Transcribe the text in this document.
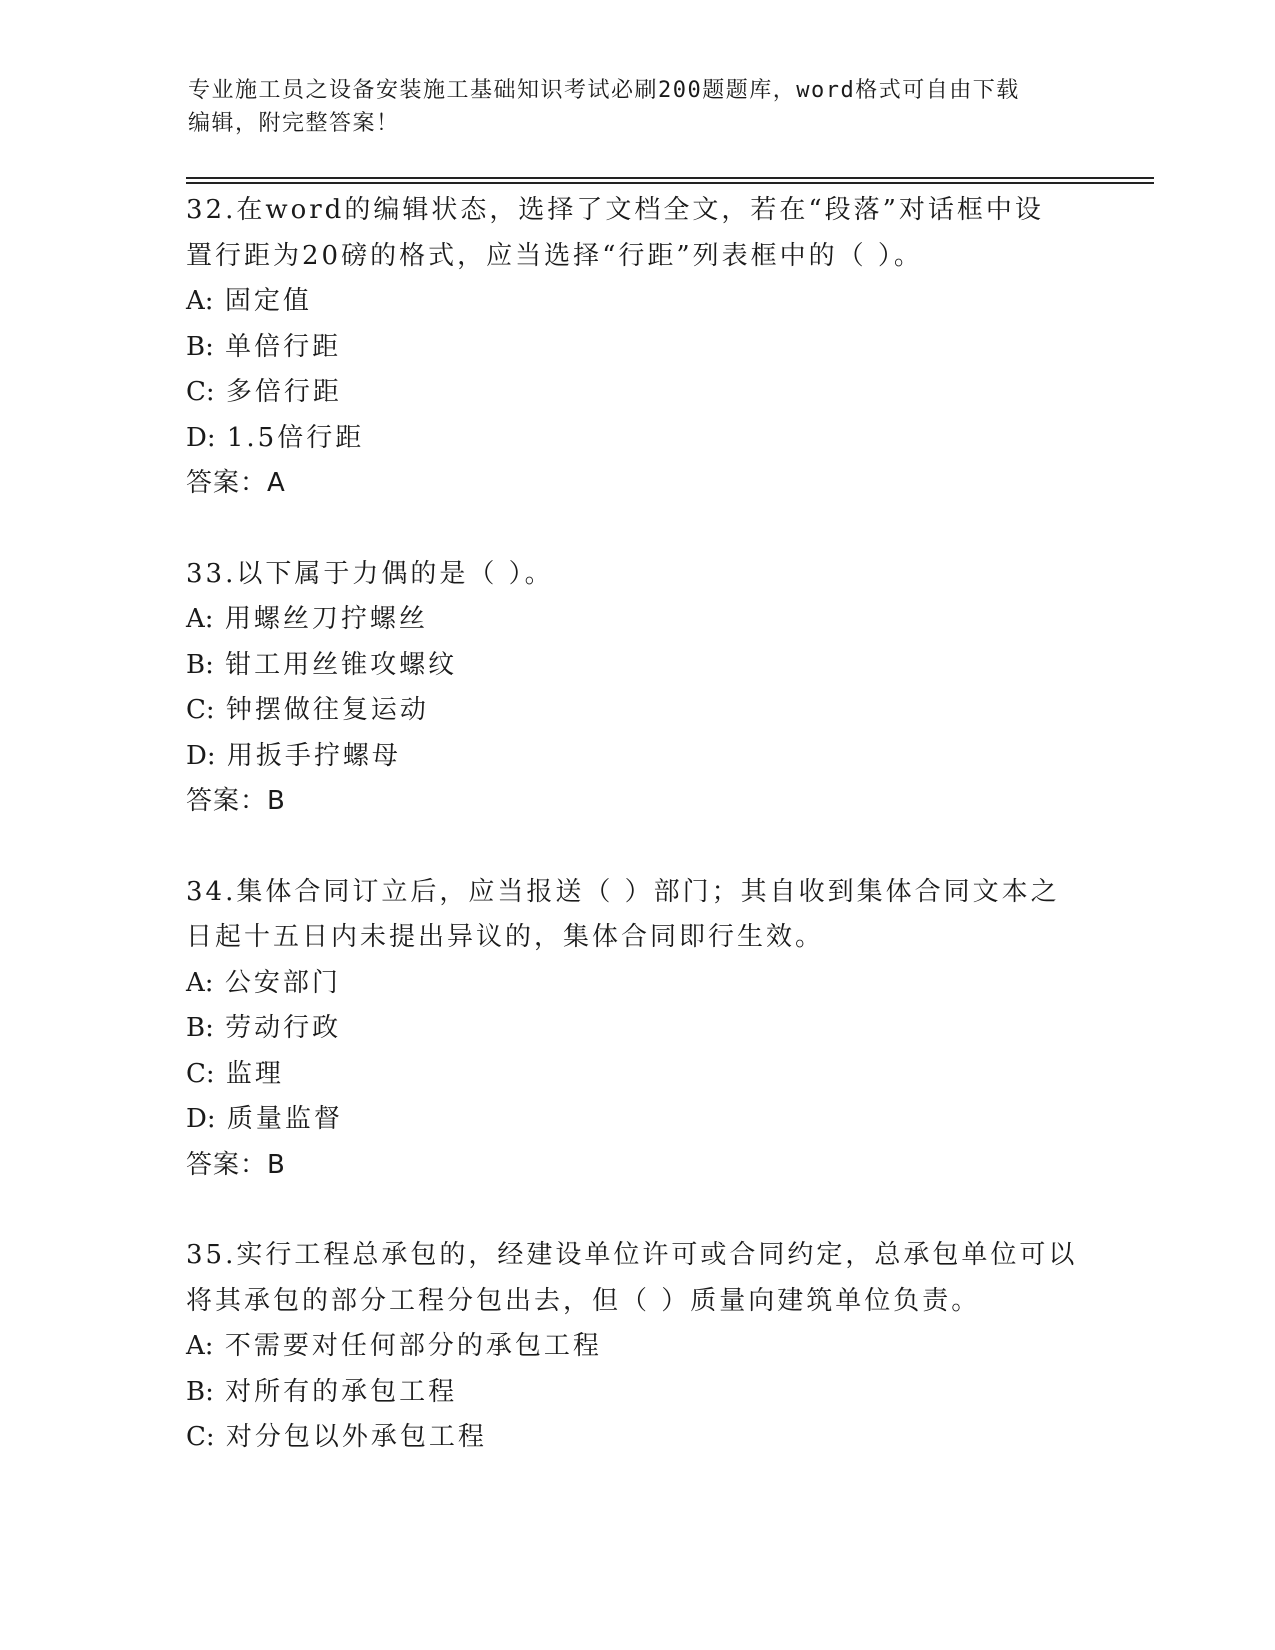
专业施工员之设备安装施工基础知识考试必刷200题题库，word格式可自由下载
编辑，附完整答案！
32.在word的编辑状态，选择了文档全文，若在“段落”对话框中设
置行距为20磅的格式，应当选择“行距”列表框中的（ ）。
A: 固定值
B: 单倍行距
C: 多倍行距
D: 1.5倍行距
答案：A
33.以下属于力偶的是（ ）。
A: 用螺丝刀拧螺丝
B: 钳工用丝锥攻螺纹
C: 钟摆做往复运动
D: 用扳手拧螺母
答案：B
34.集体合同订立后，应当报送（ ）部门；其自收到集体合同文本之
日起十五日内未提出异议的，集体合同即行生效。
A: 公安部门
B: 劳动行政
C: 监理
D: 质量监督
答案：B
35.实行工程总承包的，经建设单位许可或合同约定，总承包单位可以
将其承包的部分工程分包出去，但（ ）质量向建筑单位负责。
A: 不需要对任何部分的承包工程
B: 对所有的承包工程
C: 对分包以外承包工程
